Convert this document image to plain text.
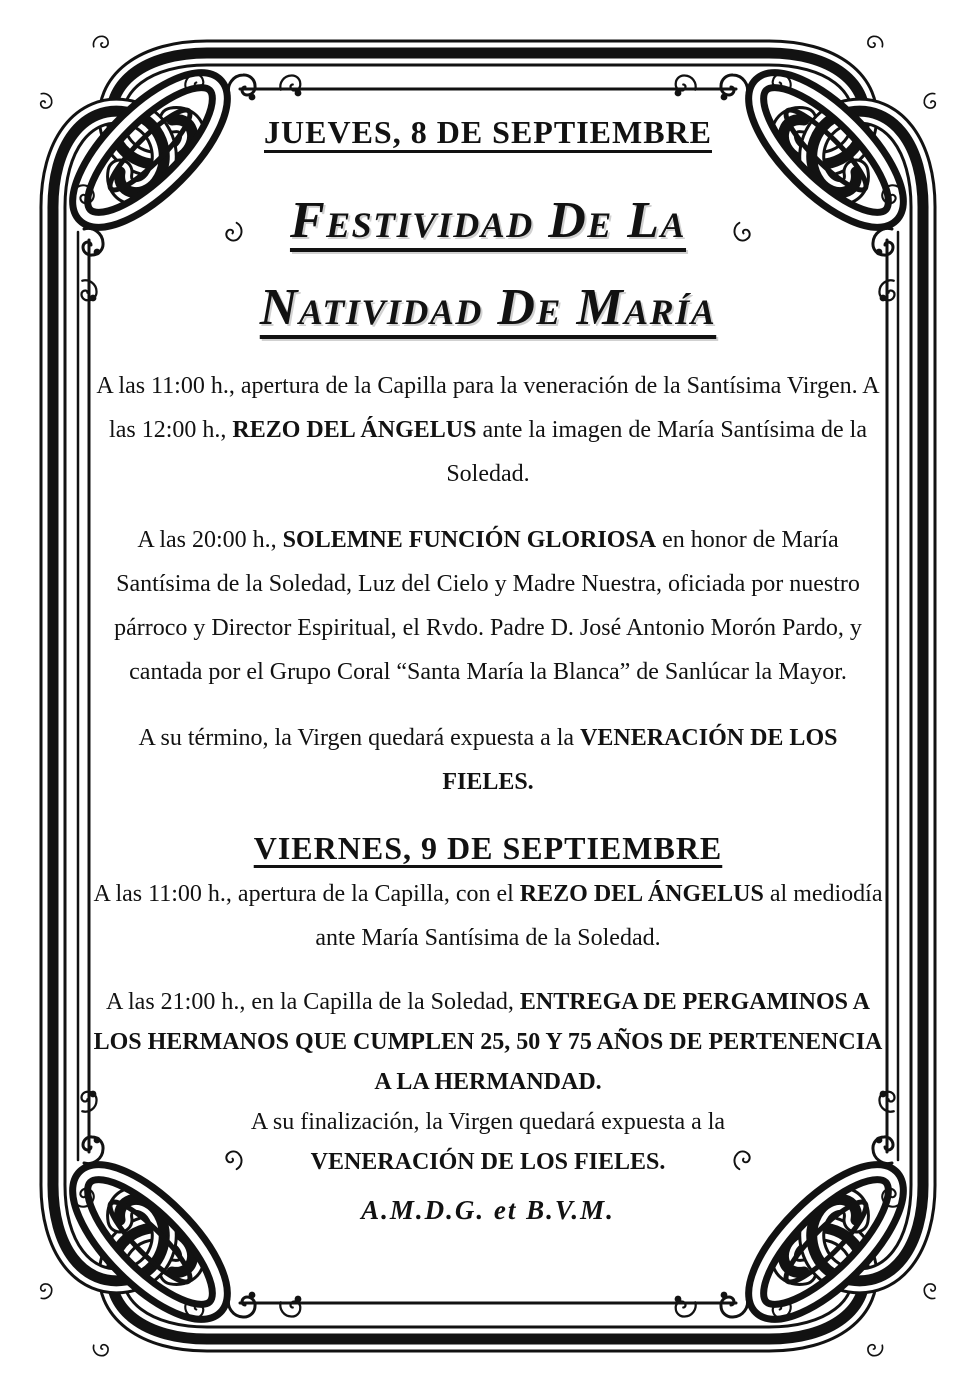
JUEVES, 8 DE SEPTIEMBRE
Festividad De La
Natividad De María

A las 11:00 h., apertura de la Capilla para la veneración de la Santísima Virgen. A las 12:00 h., REZO DEL ÁNGELUS ante la imagen de María Santísima de la Soledad.

A las 20:00 h., SOLEMNE FUNCIÓN GLORIOSA en honor de María Santísima de la Soledad, Luz del Cielo y Madre Nuestra, oficiada por nuestro párroco y Director Espiritual, el Rvdo. Padre D. José Antonio Morón Pardo, y cantada por el Grupo Coral “Santa María la Blanca” de Sanlúcar la Mayor.

A su término, la Virgen quedará expuesta a la VENERACIÓN DE LOS FIELES.

VIERNES, 9 DE SEPTIEMBRE

A las 11:00 h., apertura de la Capilla, con el REZO DEL ÁNGELUS al mediodía ante María Santísima de la Soledad.

A las 21:00 h., en la Capilla de la Soledad, ENTREGA DE PERGAMINOS A LOS HERMANOS QUE CUMPLEN 25, 50 Y 75 AÑOS DE PERTENENCIA A LA HERMANDAD.
A su finalización, la Virgen quedará expuesta a la
VENERACIÓN DE LOS FIELES.

A.M.D.G. et B.V.M.
